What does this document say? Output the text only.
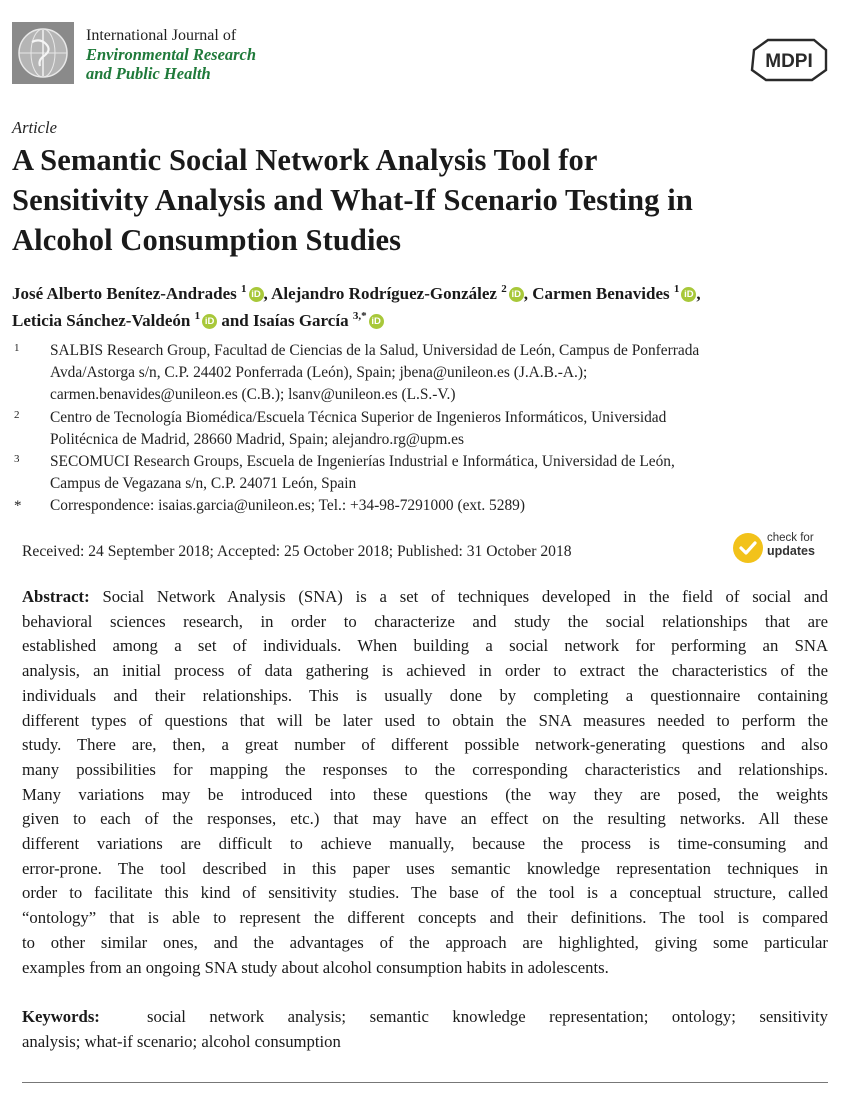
International Journal of
Environmental Research
and Public Health
MDPI
Article
A Semantic Social Network Analysis Tool for
Sensitivity Analysis and What-If Scenario Testing in
Alcohol Consumption Studies
José Alberto Benítez-Andrades $^1$ iD , Alejandro Rodríguez-González $^2$ iD , Carmen Benavides $^1$ iD ,
Leticia Sánchez-Valdeón $^1$ iD and Isaías García $^{3,*}$ iD
1	SALBIS Research Group, Facultad de Ciencias de la Salud, Universidad de León, Campus de Ponferrada
Avda/Astorga s/n, C.P. 24402 Ponferrada (León), Spain; jbena@unileon.es (J.A.B.-A.);
carmen.benavides@unileon.es (C.B.); lsanv@unileon.es (L.S.-V.)
2	Centro de Tecnología Biomédica/Escuela Técnica Superior de Ingenieros Informáticos, Universidad
Politécnica de Madrid, 28660 Madrid, Spain; alejandro.rg@upm.es
3	SECOMUCI Research Groups, Escuela de Ingenierías Industrial e Informática, Universidad de León,
Campus de Vegazana s/n, C.P. 24071 León, Spain
*	Correspondence: isaias.garcia@unileon.es; Tel.: +34-98-7291000 (ext. 5289)
Received: 24 September 2018; Accepted: 25 October 2018; Published: 31 October 2018
check for
updates
Abstract: Social Network Analysis (SNA) is a set of techniques developed in the field of social and
behavioral sciences research, in order to characterize and study the social relationships that are
established among a set of individuals. When building a social network for performing an SNA
analysis, an initial process of data gathering is achieved in order to extract the characteristics of the
individuals and their relationships. This is usually done by completing a questionnaire containing
different types of questions that will be later used to obtain the SNA measures needed to perform the
study. There are, then, a great number of different possible network-generating questions and also
many possibilities for mapping the responses to the corresponding characteristics and relationships.
Many variations may be introduced into these questions (the way they are posed, the weights
given to each of the responses, etc.) that may have an effect on the resulting networks. All these
different variations are difficult to achieve manually, because the process is time-consuming and
error-prone. The tool described in this paper uses semantic knowledge representation techniques in
order to facilitate this kind of sensitivity studies. The base of the tool is a conceptual structure, called
“ontology” that is able to represent the different concepts and their definitions. The tool is compared
to other similar ones, and the advantages of the approach are highlighted, giving some particular
examples from an ongoing SNA study about alcohol consumption habits in adolescents.
Keywords:	social network analysis; semantic knowledge representation; ontology; sensitivity
analysis; what-if scenario; alcohol consumption
